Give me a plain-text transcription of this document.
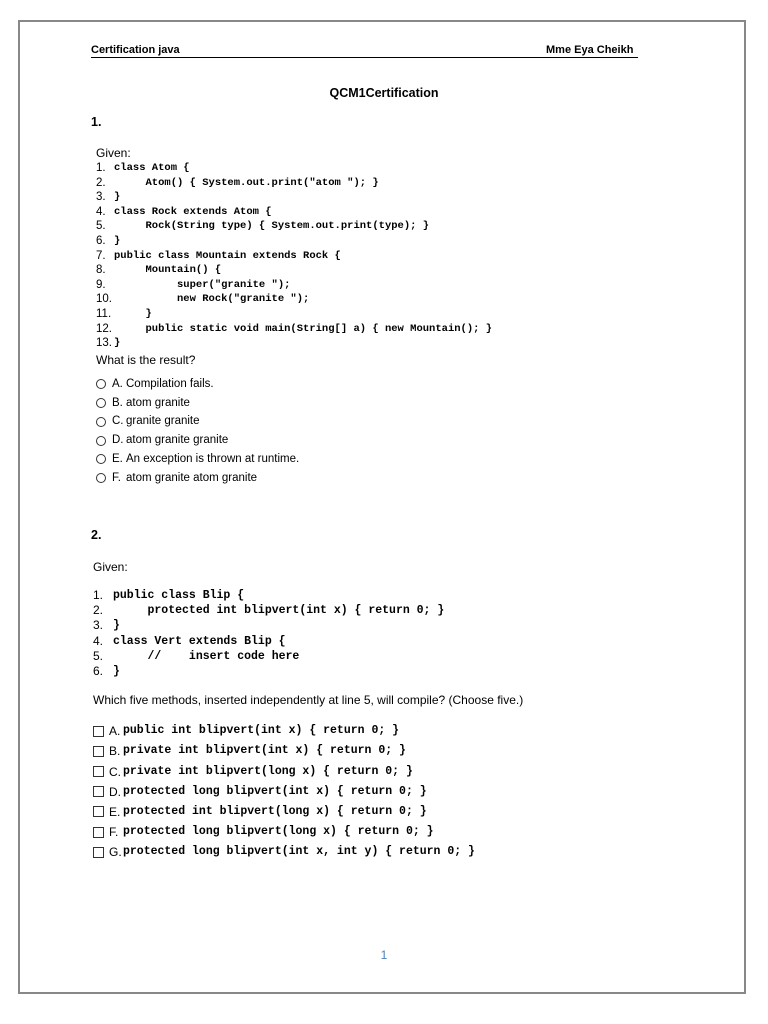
Certification java	Mme Eya Cheikh
QCM1Certification
1.
Given:
1. class Atom {
2. Atom() { System.out.print("atom "); }
3. }
4. class Rock extends Atom {
5. Rock(String type) { System.out.print(type); }
6. }
7. public class Mountain extends Rock {
8. Mountain() {
9. super("granite ");
10. new Rock("granite ");
11. }
12. public static void main(String[] a) { new Mountain(); }
13. }
What is the result?
A. Compilation fails.
B. atom granite
C. granite granite
D. atom granite granite
E. An exception is thrown at runtime.
F. atom granite atom granite
2.
Given:
1. public class Blip {
2. protected int blipvert(int x) { return 0; }
3. }
4. class Vert extends Blip {
5. //    insert code here
6. }
Which five methods, inserted independently at line 5, will compile? (Choose five.)
A. public int blipvert(int x) { return 0; }
B. private int blipvert(int x) { return 0; }
C. private int blipvert(long x) { return 0; }
D. protected long blipvert(int x) { return 0; }
E. protected int blipvert(long x) { return 0; }
F. protected long blipvert(long x) { return 0; }
G. protected long blipvert(int x, int y) { return 0; }
1
